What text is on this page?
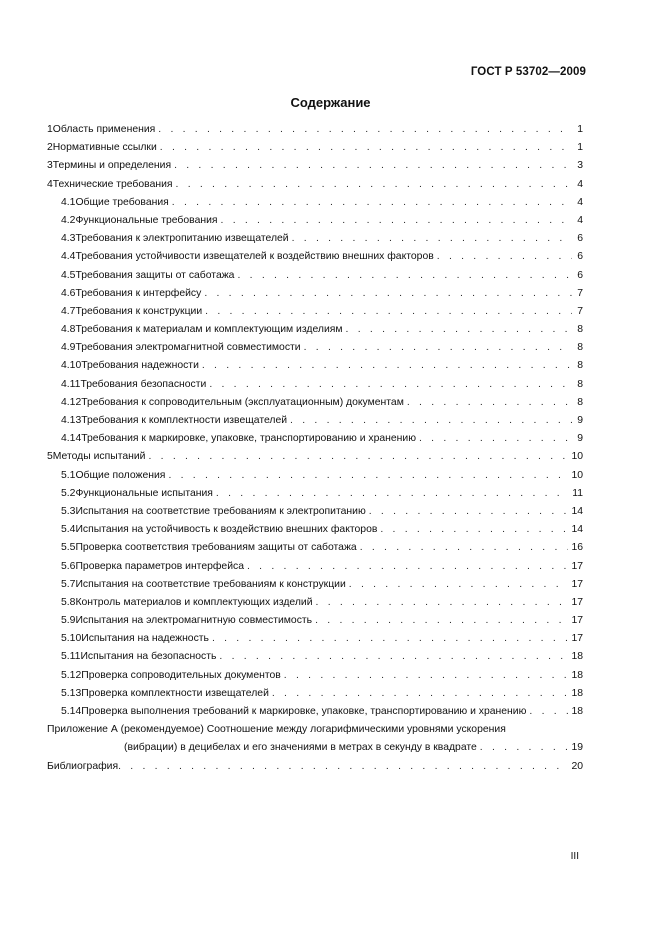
ГОСТ Р 53702—2009
Содержание
1 Область применения . . .	1
2 Нормативные ссылки . . .	1
3 Термины и определения . . .	3
4 Технические требования . . .	4
4.1 Общие требования . . .	4
4.2 Функциональные требования . . .	4
4.3 Требования к электропитанию извещателей . . .	6
4.4 Требования устойчивости извещателей к воздействию внешних факторов . . .	6
4.5 Требования защиты от саботажа . . .	6
4.6 Требования к интерфейсу . . .	7
4.7 Требования к конструкции . . .	7
4.8 Требования к материалам и комплектующим изделиям . . .	8
4.9 Требования электромагнитной совместимости . . .	8
4.10 Требования надежности . . .	8
4.11 Требования безопасности . . .	8
4.12 Требования к сопроводительным (эксплуатационным) документам . . .	8
4.13 Требования к комплектности извещателей . . .	9
4.14 Требования к маркировке, упаковке, транспортированию и хранению . . .	9
5 Методы испытаний . . .	10
5.1 Общие положения . . .	10
5.2 Функциональные испытания . . .	11
5.3 Испытания на соответствие требованиям к электропитанию . . .	14
5.4 Испытания на устойчивость к воздействию внешних факторов . . .	14
5.5 Проверка соответствия требованиям защиты от саботажа . . .	16
5.6 Проверка параметров интерфейса . . .	17
5.7 Испытания на соответствие требованиям к конструкции . . .	17
5.8 Контроль материалов и комплектующих изделий . . .	17
5.9 Испытания на электромагнитную совместимость . . .	17
5.10 Испытания на надежность . . .	17
5.11 Испытания на безопасность . . .	18
5.12 Проверка сопроводительных документов . . .	18
5.13 Проверка комплектности извещателей . . .	18
5.14 Проверка выполнения требований к маркировке, упаковке, транспортированию и хранению . . .	18
Приложение А (рекомендуемое) Соотношение между логарифмическими уровнями ускорения
(вибрации) в децибелах и его значениями в метрах в секунду в квадрате . . .	19
Библиография . . .	20
III
